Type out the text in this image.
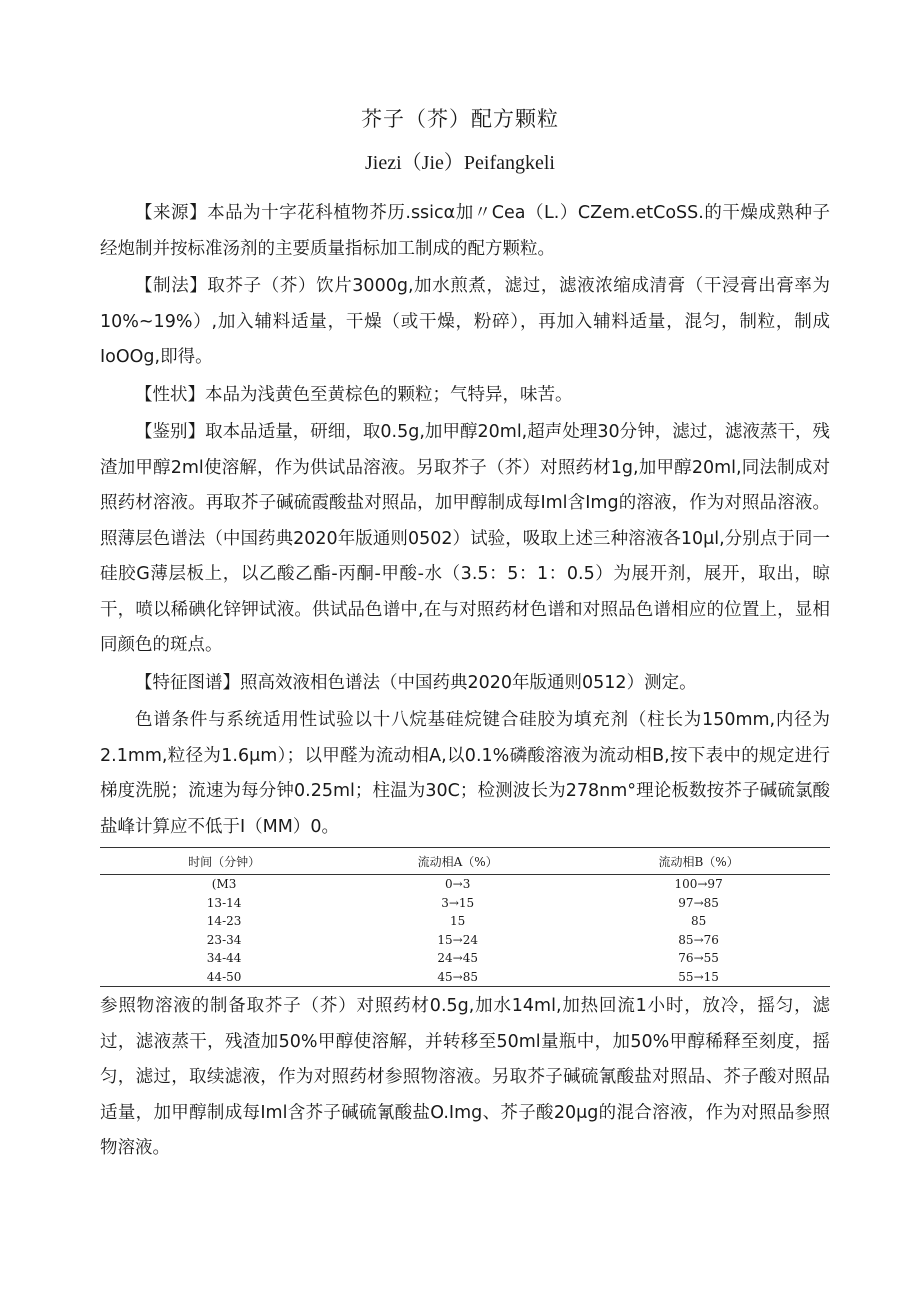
芥子（芥）配方颗粒
Jiezi（Jie）Peifangkeli

【来源】本品为十字花科植物芥历.ssicα加〃Cea（L.）CZem.etCoSS.的干燥成熟种子经炮制并按标准汤剂的主要质量指标加工制成的配方颗粒。

【制法】取芥子（芥）饮片3000g,加水煎煮，滤过，滤液浓缩成清膏（干浸膏出膏率为10%~19%）,加入辅料适量，干燥（或干燥，粉碎），再加入辅料适量，混匀，制粒，制成IoOOg,即得。

【性状】本品为浅黄色至黄棕色的颗粒；气特异，味苦。

【鉴别】取本品适量，研细，取0.5g,加甲醇20ml,超声处理30分钟，滤过，滤液蒸干，残渣加甲醇2ml使溶解，作为供试品溶液。另取芥子（芥）对照药材1g,加甲醇20ml,同法制成对照药材溶液。再取芥子碱硫霞酸盐对照品，加甲醇制成每Iml含Img的溶液，作为对照品溶液。照薄层色谱法（中国药典2020年版通则0502）试验，吸取上述三种溶液各10μl,分别点于同一硅胶G薄层板上，以乙酸乙酯-丙酮-甲酸-水（3.5：5：1：0.5）为展开剂，展开，取出，晾干，喷以稀碘化锌钾试液。供试品色谱中,在与对照药材色谱和对照品色谱相应的位置上，显相同颜色的斑点。

【特征图谱】照高效液相色谱法（中国药典2020年版通则0512）测定。

色谱条件与系统适用性试验以十八烷基硅烷键合硅胶为填充剂（柱长为150mm,内径为2.1mm,粒径为1.6μm）；以甲醛为流动相A,以0.1%磷酸溶液为流动相B,按下表中的规定进行梯度洗脱；流速为每分钟0.25ml；柱温为30C；检测波长为278nm°理论板数按芥子碱硫氯酸盐峰计算应不低于I（MM）0。

时间（分钟）	流动相A（%）	流动相B（%）
(M3	0→3	100→97
13-14	3→15	97→85
14-23	15	85
23-34	15→24	85→76
34-44	24→45	76→55
44-50	45→85	55→15

参照物溶液的制备取芥子（芥）对照药材0.5g,加水14ml,加热回流1小时，放冷，摇匀，滤过，滤液蒸干，残渣加50%甲醇使溶解，并转移至50ml量瓶中，加50%甲醇稀释至刻度，摇匀，滤过，取续滤液，作为对照药材参照物溶液。另取芥子碱硫氰酸盐对照品、芥子酸对照品适量，加甲醇制成每Iml含芥子碱硫氰酸盐O.Img、芥子酸20μg的混合溶液，作为对照品参照物溶液。
